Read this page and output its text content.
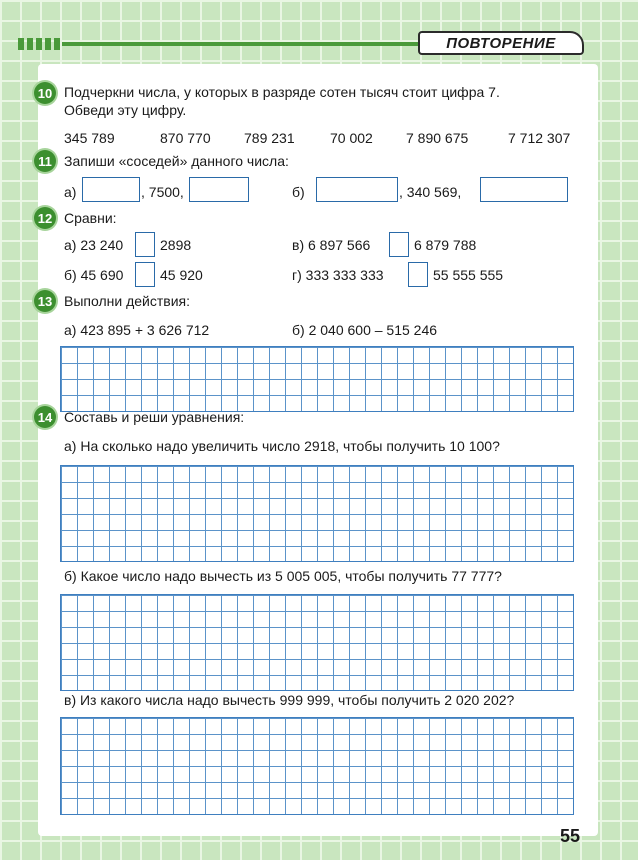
ПОВТОРЕНИЕ
10 Подчеркни числа, у которых в разряде сотен тысяч стоит цифра 7.
Обведи эту цифру.
345 789	870 770 789 231	70 002 7 890 675	7 712 307
11 Запиши «соседей» данного числа:
а)	, 7500,	б)	, 340 569,
12 Сравни:
а) 23 240	2898	в) 6 897 566	6 879 788
б) 45 690	45 920	г) 333 333 333	55 555 555
13 Выполни действия:
а) 423 895 + 3 626 712	б) 2 040 600 – 515 246
14 Составь и реши уравнения:
а) На сколько надо увеличить число 2918, чтобы получить 10 100?
б) Какое число надо вычесть из 5 005 005, чтобы получить 77 777?
в) Из какого числа надо вычесть 999 999, чтобы получить 2 020 202?
55
